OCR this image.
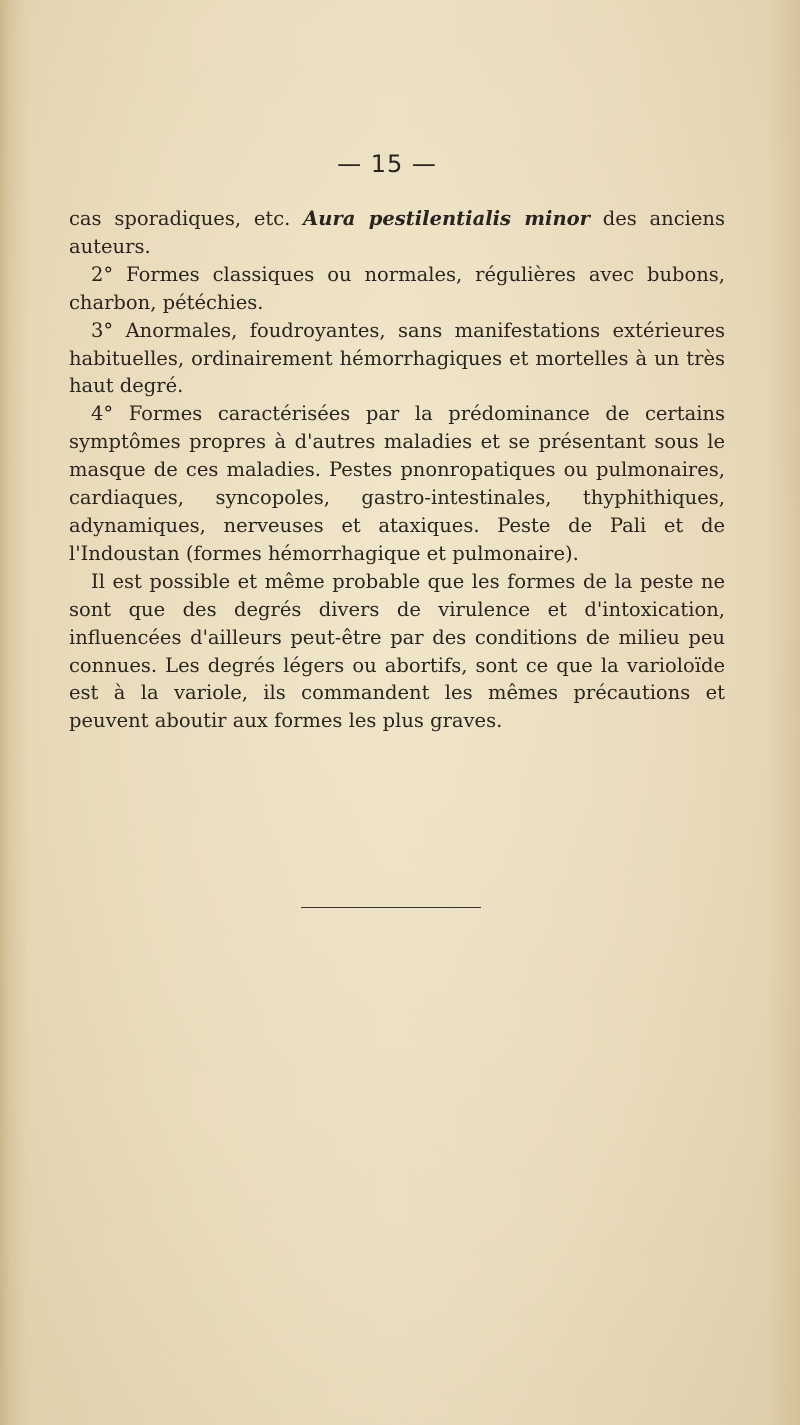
— 15 —

cas sporadiques, etc. Aura pestilentialis minor des anciens auteurs.

2° Formes classiques ou normales, régulières avec bubons, charbon, pétéchies.

3° Anormales, foudroyantes, sans manifestations extérieures habituelles, ordinairement hémorrhagiques et mortelles à un très haut degré.

4° Formes caractérisées par la prédominance de certains symptômes propres à d'autres maladies et se présentant sous le masque de ces maladies. Pestes pnonropatiques ou pulmonaires, cardiaques, syncopoles, gastro-intestinales, thyphithiques, adynamiques, nerveuses et ataxiques. Peste de Pali et de l'Indoustan (formes hémorrhagique et pulmonaire).

Il est possible et même probable que les formes de la peste ne sont que des degrés divers de virulence et d'intoxication, influencées d'ailleurs peut-être par des conditions de milieu peu connues. Les degrés légers ou abortifs, sont ce que la varioloïde est à la variole, ils commandent les mêmes précautions et peuvent aboutir aux formes les plus graves.
